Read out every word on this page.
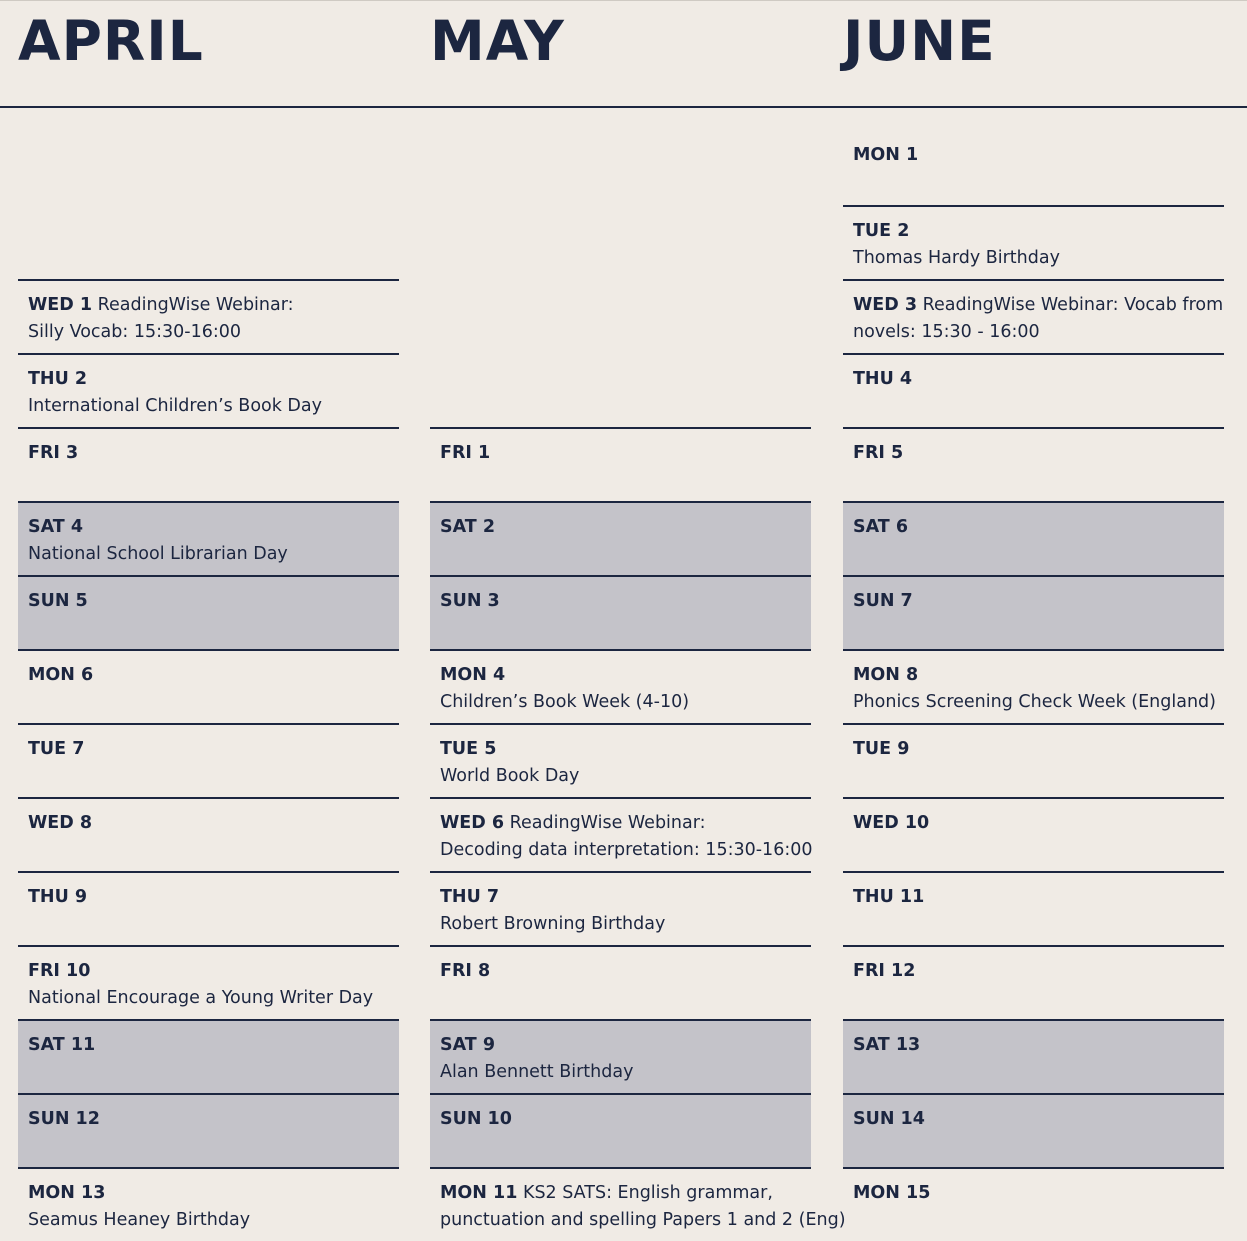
APRIL	MAY	JUNE
WED 1 ReadingWise Webinar:
Silly Vocab: 15:30-16:00
THU 2
International Children’s Book Day
FRI 3
SAT 4
National School Librarian Day
SUN 5
MON 6
TUE 7
WED 8
THU 9
FRI 10
National Encourage a Young Writer Day
SAT 11
SUN 12
MON 13
Seamus Heaney Birthday
FRI 1
SAT 2
SUN 3
MON 4
Children’s Book Week (4-10)
TUE 5
World Book Day
WED 6 ReadingWise Webinar:
Decoding data interpretation: 15:30-16:00
THU 7
Robert Browning Birthday
FRI 8
SAT 9
Alan Bennett Birthday
SUN 10
MON 11 KS2 SATS: English grammar,
punctuation and spelling Papers 1 and 2 (Eng)
MON 1
TUE 2
Thomas Hardy Birthday
WED 3 ReadingWise Webinar: Vocab from
novels: 15:30 - 16:00
THU 4
FRI 5
SAT 6
SUN 7
MON 8
Phonics Screening Check Week (England)
TUE 9
WED 10
THU 11
FRI 12
SAT 13
SUN 14
MON 15
